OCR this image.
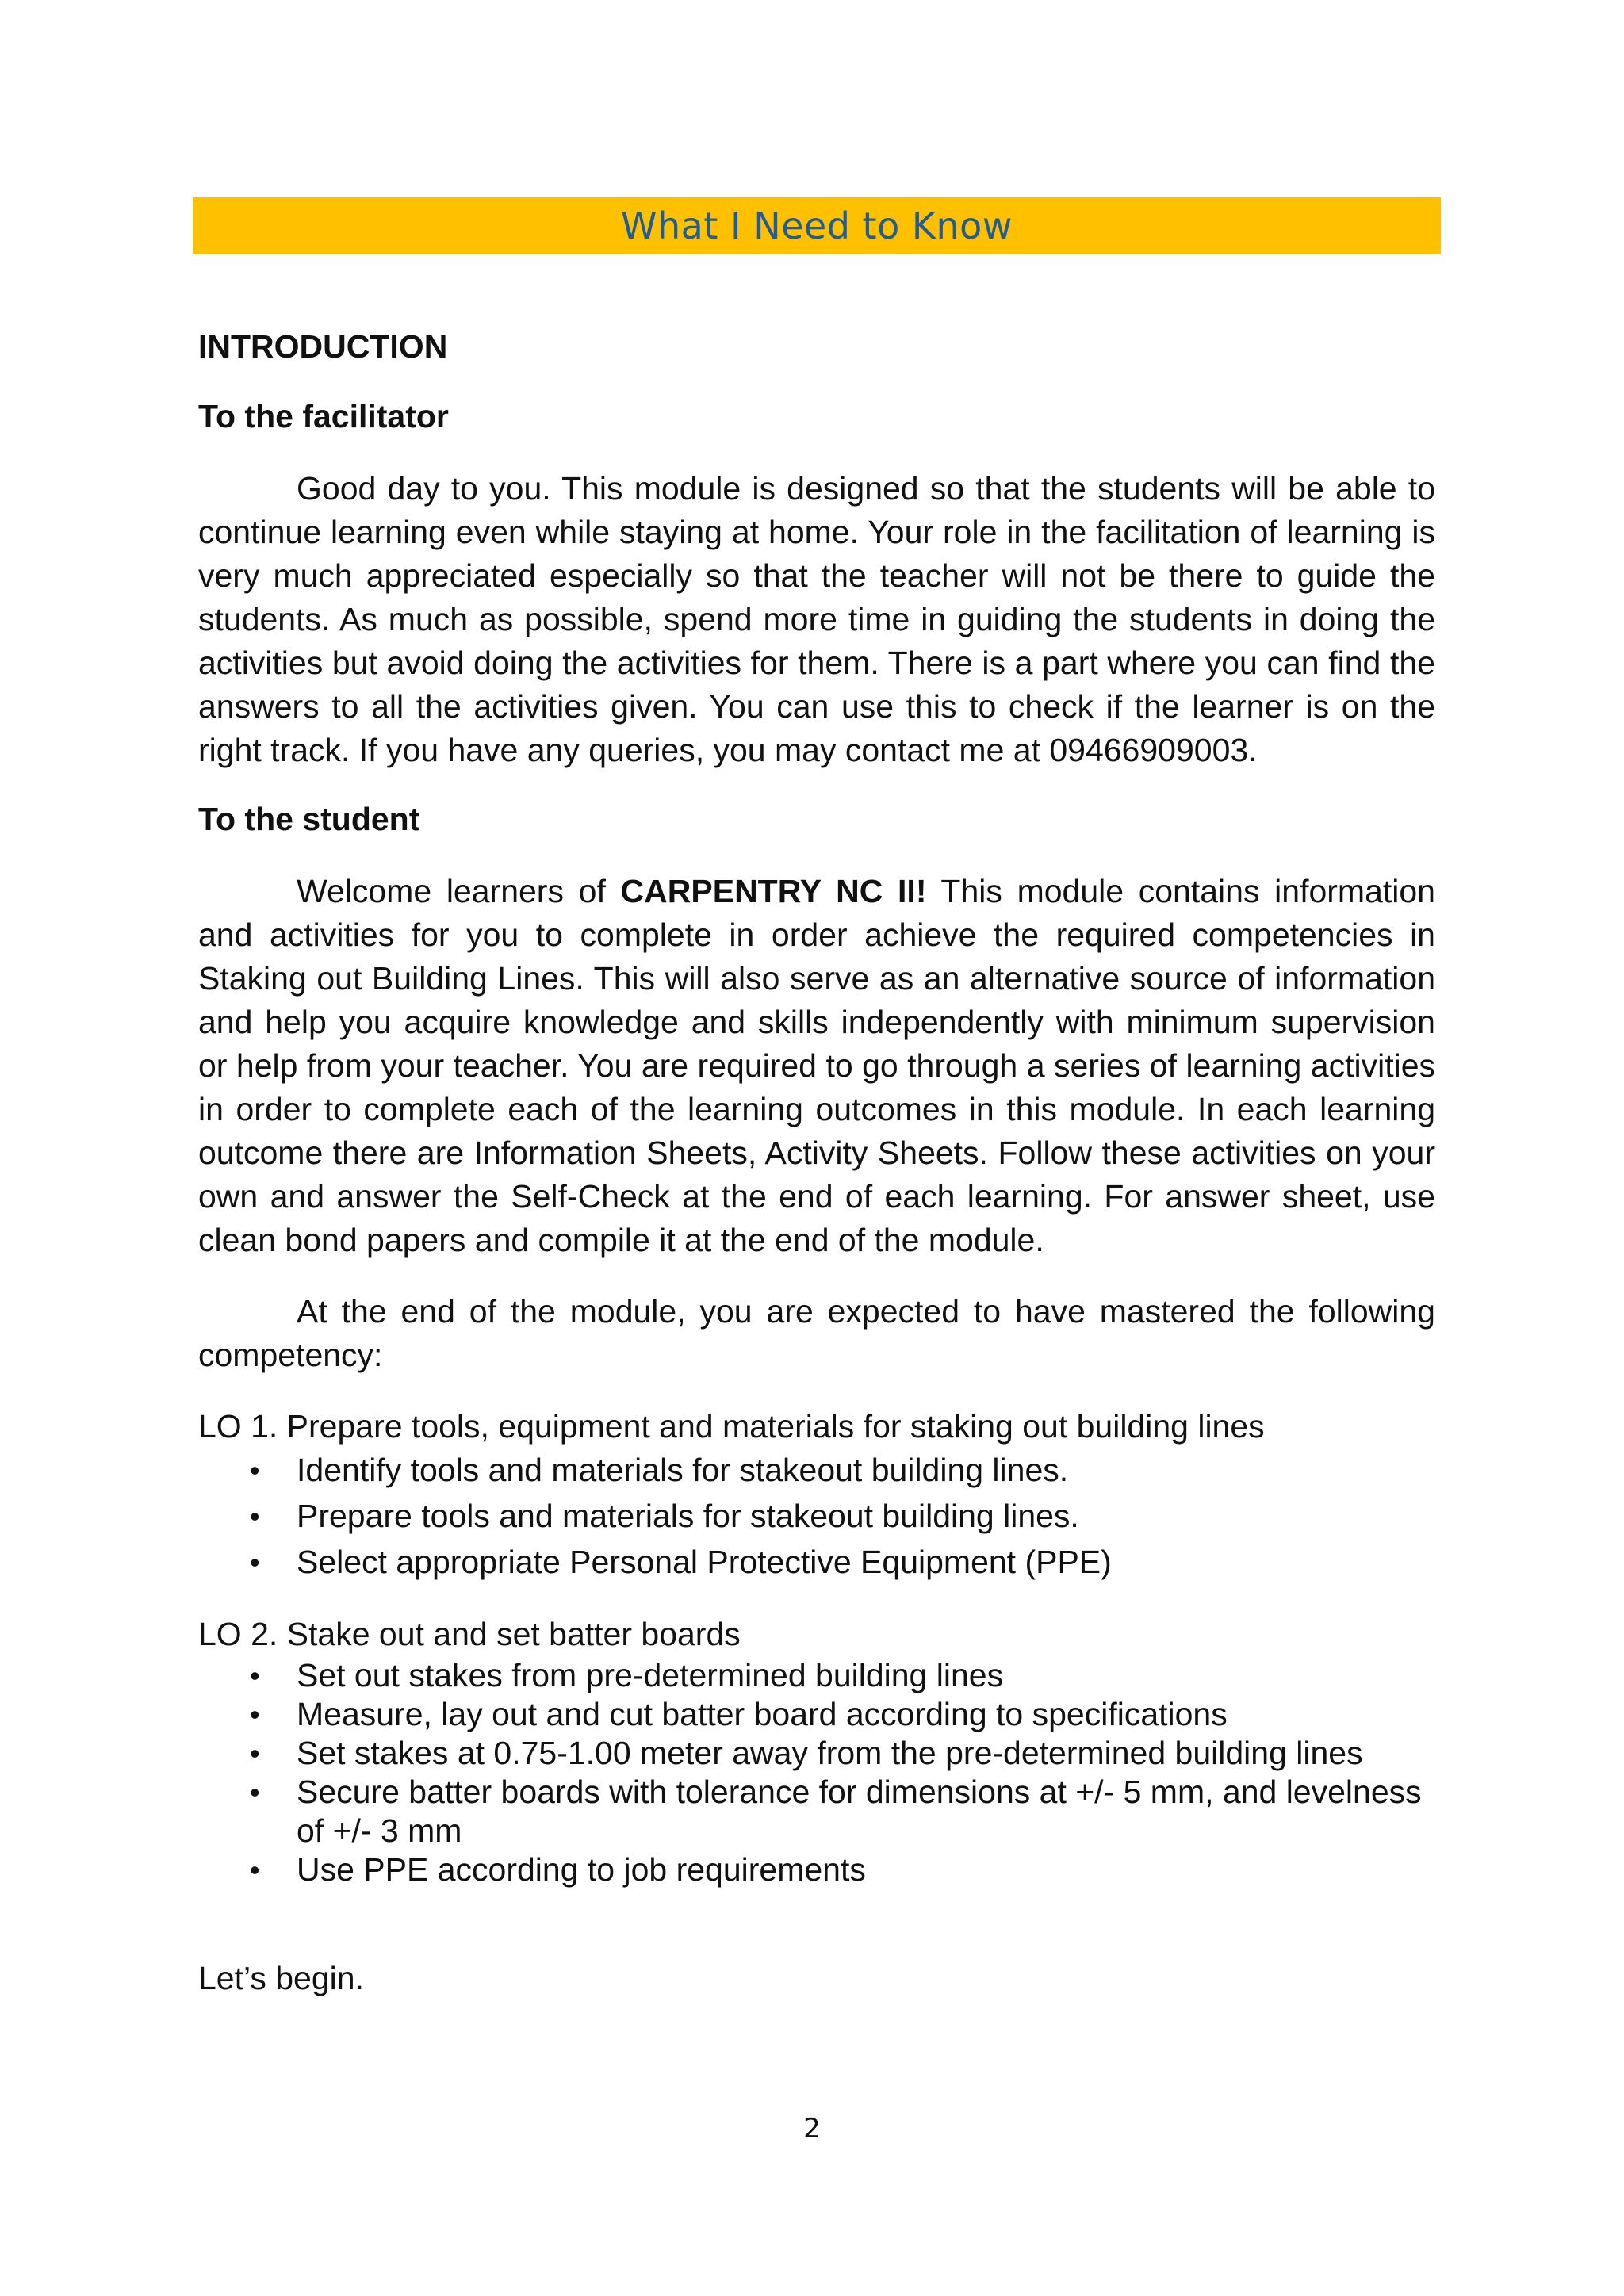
What I Need to Know

INTRODUCTION

To the facilitator

Good day to you. This module is designed so that the students will be able to continue learning even while staying at home. Your role in the facilitation of learning is very much appreciated especially so that the teacher will not be there to guide the students. As much as possible, spend more time in guiding the students in doing the activities but avoid doing the activities for them. There is a part where you can find the answers to all the activities given. You can use this to check if the learner is on the right track. If you have any queries, you may contact me at 09466909003.

To the student

Welcome learners of CARPENTRY NC II! This module contains information and activities for you to complete in order achieve the required competencies in Staking out Building Lines. This will also serve as an alternative source of information and help you acquire knowledge and skills independently with minimum supervision or help from your teacher. You are required to go through a series of learning activities in order to complete each of the learning outcomes in this module. In each learning outcome there are Information Sheets, Activity Sheets. Follow these activities on your own and answer the Self-Check at the end of each learning. For answer sheet, use clean bond papers and compile it at the end of the module.

At the end of the module, you are expected to have mastered the following competency:

LO 1. Prepare tools, equipment and materials for staking out building lines

• Identify tools and materials for stakeout building lines.
• Prepare tools and materials for stakeout building lines.
• Select appropriate Personal Protective Equipment (PPE)

LO 2. Stake out and set batter boards

• Set out stakes from pre-determined building lines
• Measure, lay out and cut batter board according to specifications
• Set stakes at 0.75-1.00 meter away from the pre-determined building lines
• Secure batter boards with tolerance for dimensions at +/- 5 mm, and levelness of +/- 3 mm
• Use PPE according to job requirements

Let’s begin.

2
